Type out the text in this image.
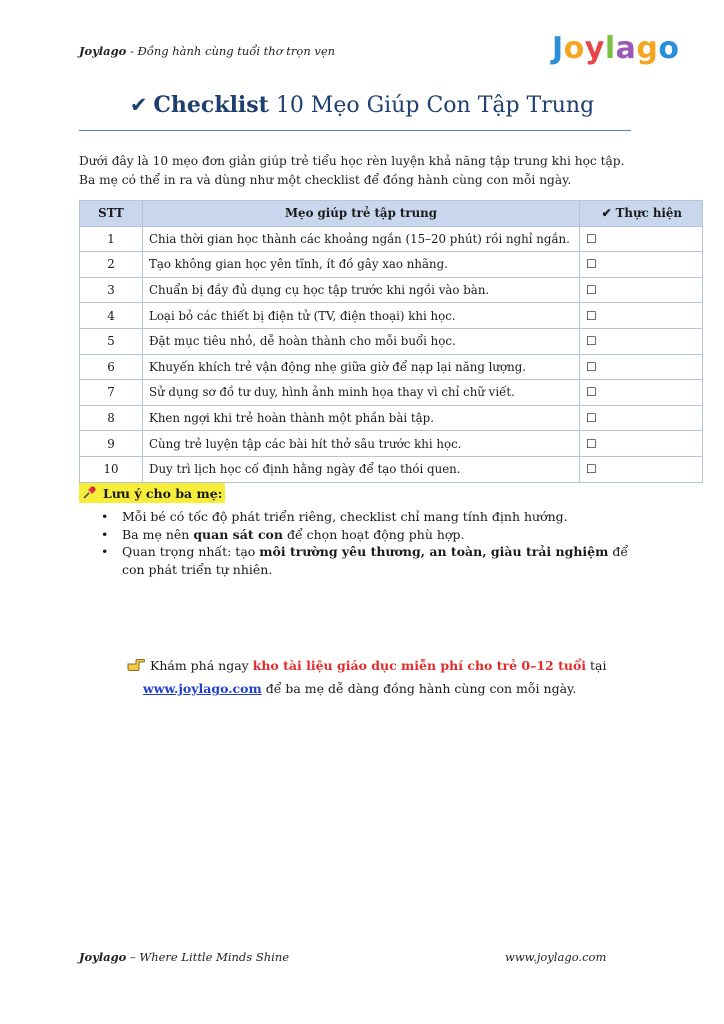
Joylago - Đồng hành cùng tuổi thơ trọn vẹn	J o y l a g o
✔ Checklist 10 Mẹo Giúp Con Tập Trung
Dưới đây là 10 mẹo đơn giản giúp trẻ tiểu học rèn luyện khả năng tập trung khi học tập. Ba mẹ có thể in ra và dùng như một checklist để đồng hành cùng con mỗi ngày.
STT	Mẹo giúp trẻ tập trung	✔ Thực hiện
1	Chia thời gian học thành các khoảng ngắn (15–20 phút) rồi nghỉ ngắn.	☐
2	Tạo không gian học yên tĩnh, ít đồ gây xao nhãng.	☐
3	Chuẩn bị đầy đủ dụng cụ học tập trước khi ngồi vào bàn.	☐
4	Loại bỏ các thiết bị điện tử (TV, điện thoại) khi học.	☐
5	Đặt mục tiêu nhỏ, dễ hoàn thành cho mỗi buổi học.	☐
6	Khuyến khích trẻ vận động nhẹ giữa giờ để nạp lại năng lượng.	☐
7	Sử dụng sơ đồ tư duy, hình ảnh minh họa thay vì chỉ chữ viết.	☐
8	Khen ngợi khi trẻ hoàn thành một phần bài tập.	☐
9	Cùng trẻ luyện tập các bài hít thở sâu trước khi học.	☐
10	Duy trì lịch học cố định hằng ngày để tạo thói quen.	☐
Lưu ý cho ba mẹ:
• Mỗi bé có tốc độ phát triển riêng, checklist chỉ mang tính định hướng.
• Ba mẹ nên quan sát con để chọn hoạt động phù hợp.
• Quan trọng nhất: tạo môi trường yêu thương, an toàn, giàu trải nghiệm để con phát triển tự nhiên.
Khám phá ngay kho tài liệu giáo dục miễn phí cho trẻ 0–12 tuổi tại
www.joylago.com để ba mẹ dễ dàng đồng hành cùng con mỗi ngày.
Joylago – Where Little Minds Shine	www.joylago.com
